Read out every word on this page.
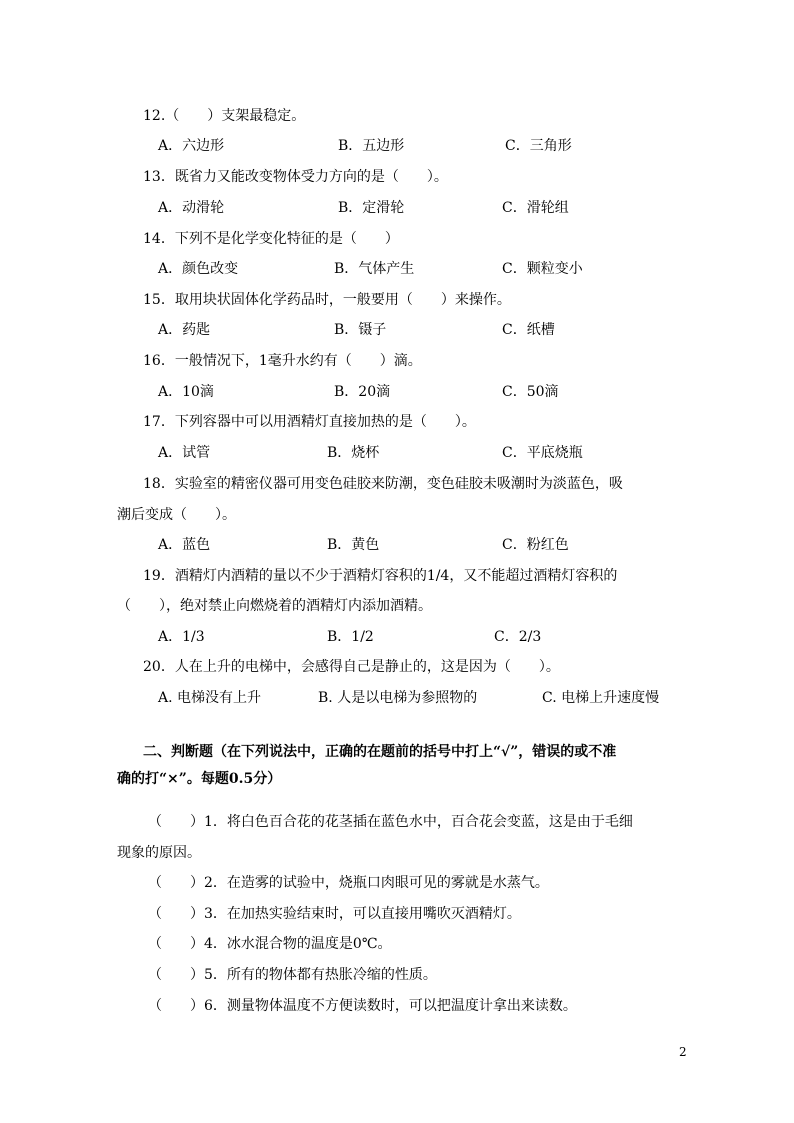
12.（　　）支架最稳定。
A．六边形	B．五边形	C．三角形
13．既省力又能改变物体受力方向的是（　　）。
A．动滑轮	B．定滑轮	C．滑轮组
14．下列不是化学变化特征的是（　　）
A．颜色改变	B．气体产生	C．颗粒变小
15．取用块状固体化学药品时，一般要用（　　）来操作。
A．药匙	B．镊子	C．纸槽
16．一般情况下，1毫升水约有（　　）滴。
A．10滴	B．20滴	C．50滴
17．下列容器中可以用酒精灯直接加热的是（　　）。
A．试管	B．烧杯	C．平底烧瓶
18．实验室的精密仪器可用变色硅胶来防潮，变色硅胶未吸潮时为淡蓝色，吸
潮后变成（　　）。
A．蓝色	B．黄色	C．粉红色
19．酒精灯内酒精的量以不少于酒精灯容积的1/4，又不能超过酒精灯容积的
（　　），绝对禁止向燃烧着的酒精灯内添加酒精。
A．1/3	B．1/2	C．2/3
20．人在上升的电梯中，会感得自己是静止的，这是因为（　　）。
A. 电梯没有上升	B. 人是以电梯为参照物的	C. 电梯上升速度慢
二、判断题（在下列说法中，正确的在题前的括号中打上“√”，错误的或不准
确的打“×”。每题0.5分）
（　　）1．将白色百合花的花茎插在蓝色水中，百合花会变蓝，这是由于毛细
现象的原因。
（　　）2．在造雾的试验中，烧瓶口肉眼可见的雾就是水蒸气。
（　　）3．在加热实验结束时，可以直接用嘴吹灭酒精灯。
（　　）4．冰水混合物的温度是0℃。
（　　）5．所有的物体都有热胀冷缩的性质。
（　　）6．测量物体温度不方便读数时，可以把温度计拿出来读数。
2
